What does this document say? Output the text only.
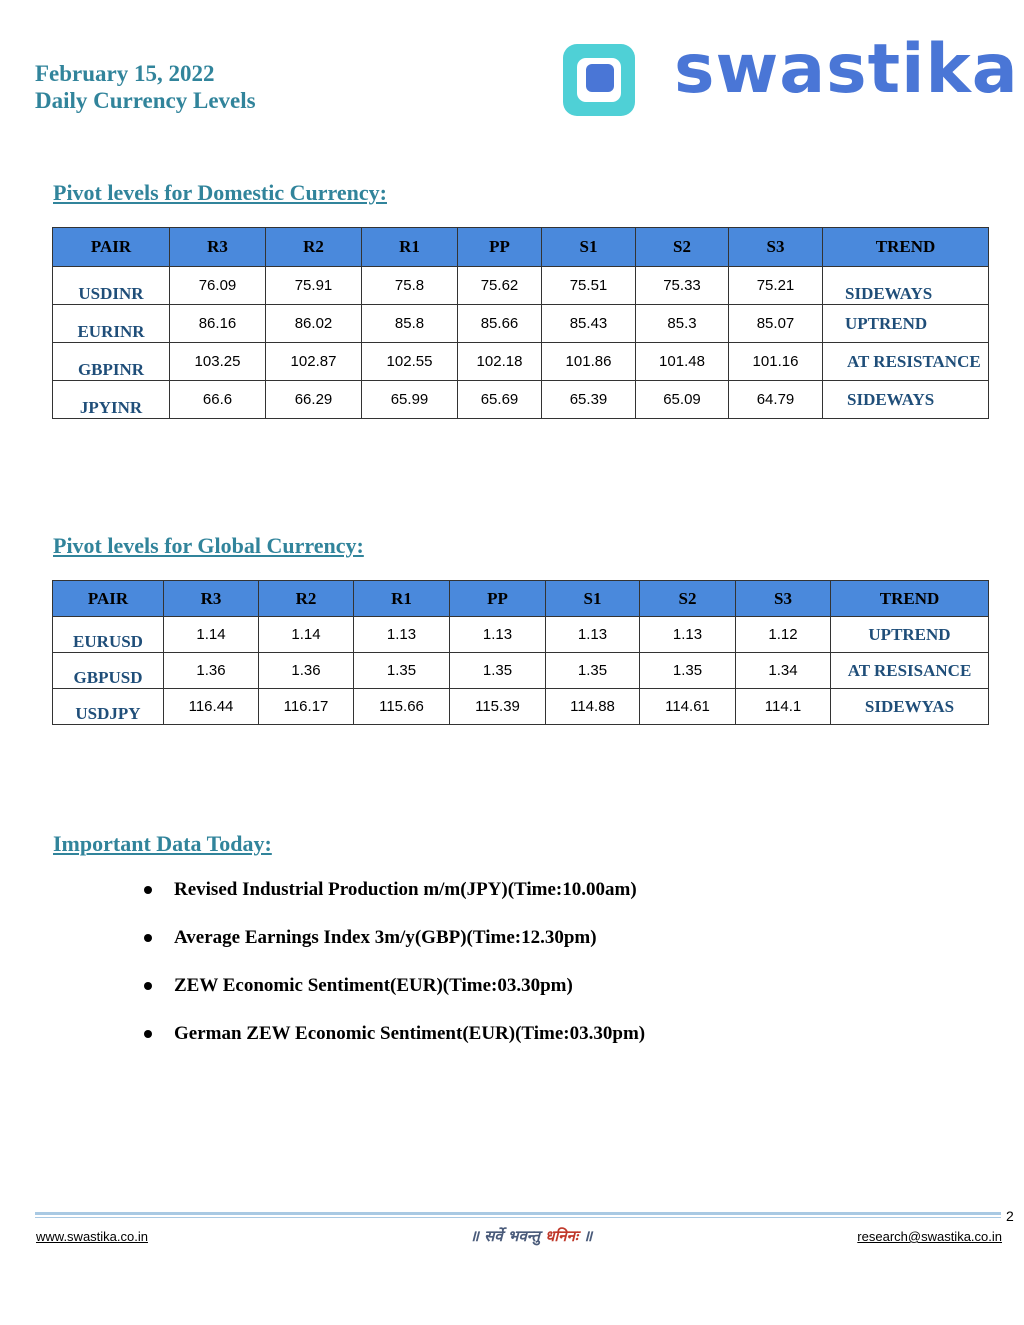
February 15, 2022
Daily Currency Levels	swastika
Pivot levels for Domestic Currency:
PAIR	R3	R2	R1	PP	S1	S2	S3	TREND
USDINR	76.09	75.91	75.8	75.62	75.51	75.33	75.21	SIDEWAYS
EURINR	86.16	86.02	85.8	85.66	85.43	85.3	85.07	UPTREND
GBPINR	103.25	102.87	102.55	102.18	101.86	101.48	101.16	AT RESISTANCE
JPYINR	66.6	66.29	65.99	65.69	65.39	65.09	64.79	SIDEWAYS
Pivot levels for Global Currency:
PAIR	R3	R2	R1	PP	S1	S2	S3	TREND
EURUSD	1.14	1.14	1.13	1.13	1.13	1.13	1.12	UPTREND
GBPUSD	1.36	1.36	1.35	1.35	1.35	1.35	1.34	AT RESISANCE
USDJPY	116.44	116.17	115.66	115.39	114.88	114.61	114.1	SIDEWYAS
Important Data Today:
Revised Industrial Production m/m(JPY)(Time:10.00am)
Average Earnings Index 3m/y(GBP)(Time:12.30pm)
ZEW Economic Sentiment(EUR)(Time:03.30pm)
German ZEW Economic Sentiment(EUR)(Time:03.30pm)
2
www.swastika.co.in	॥ सर्वे भवन्तु धनिनः ॥	research@swastika.co.in
